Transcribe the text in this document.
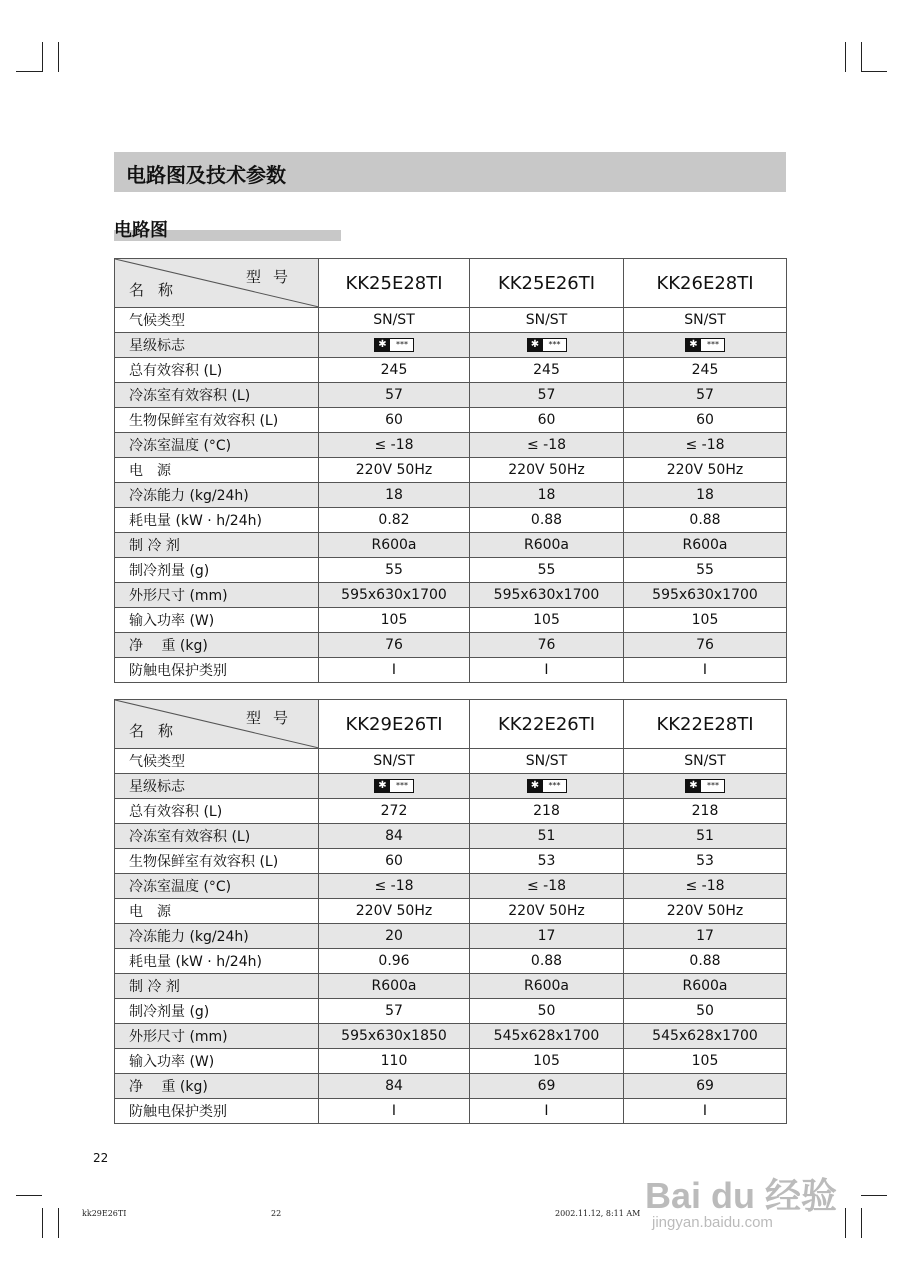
电路图及技术参数
电路图
型号
名称	KK25E28TI	KK25E26TI	KK26E28TI
气候类型	SN/ST	SN/ST	SN/ST
星级标志	✱ ***	✱ ***	✱ ***

总有效容积 (L)	245	245	245
冷冻室有效容积 (L)	57	57	57
生物保鲜室有效容积 (L)	60	60	60
冷冻室温度 (°C)	≤ -18	≤ -18	≤ -18
电　源	220V 50Hz	220V 50Hz	220V 50Hz
冷冻能力 (kg/24h)	18	18	18
耗电量 (kW · h/24h)	0.82	0.88	0.88
制 冷 剂	R600a	R600a	R600a
制冷剂量 (g)	55	55	55
外形尺寸 (mm)	595x630x1700	595x630x1700	595x630x1700
输入功率 (W)	105	105	105
净　 重 (kg)	76	76	76
防触电保护类别	I	I	I
型号
名称	KK29E26TI	KK22E26TI	KK22E28TI
气候类型	SN/ST	SN/ST	SN/ST
星级标志	✱ ***	✱ ***	✱ ***

总有效容积 (L)	272	218	218
冷冻室有效容积 (L)	84	51	51
生物保鲜室有效容积 (L)	60	53	53
冷冻室温度 (°C)	≤ -18	≤ -18	≤ -18
电　源	220V 50Hz	220V 50Hz	220V 50Hz
冷冻能力 (kg/24h)	20	17	17
耗电量 (kW · h/24h)	0.96	0.88	0.88
制 冷 剂	R600a	R600a	R600a
制冷剂量 (g)	57	50	50
外形尺寸 (mm)	595x630x1850	545x628x1700	545x628x1700
输入功率 (W)	110	105	105
净　 重 (kg)	84	69	69
防触电保护类别	I	I	I
22
kk29E26TI	22	2002.11.12, 8:11 AM Bai du 经验
jingyan.baidu.com
